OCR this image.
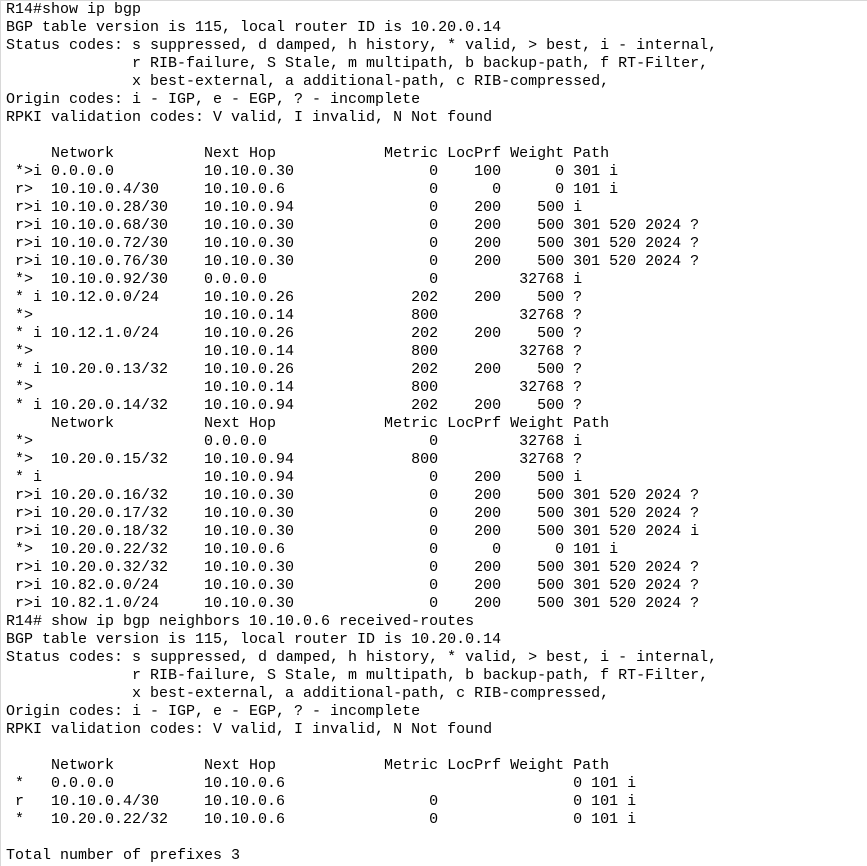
R14#show ip bgp
BGP table version is 115, local router ID is 10.20.0.14
Status codes: s suppressed, d damped, h history, * valid, > best, i - internal,
r RIB-failure, S Stale, m multipath, b backup-path, f RT-Filter,
x best-external, a additional-path, c RIB-compressed,
Origin codes: i - IGP, e - EGP, ? - incomplete
RPKI validation codes: V valid, I invalid, N Not found

Network          Next Hop            Metric LocPrf Weight Path
*>i 0.0.0.0          10.10.0.30               0    100      0 301 i
r>  10.10.0.4/30     10.10.0.6                0      0      0 101 i
r>i 10.10.0.28/30    10.10.0.94               0    200    500 i
r>i 10.10.0.68/30    10.10.0.30               0    200    500 301 520 2024 ?
r>i 10.10.0.72/30    10.10.0.30               0    200    500 301 520 2024 ?
r>i 10.10.0.76/30    10.10.0.30               0    200    500 301 520 2024 ?
*>  10.10.0.92/30    0.0.0.0                  0         32768 i
* i 10.12.0.0/24     10.10.0.26             202    200    500 ?
*>                   10.10.0.14             800         32768 ?
* i 10.12.1.0/24     10.10.0.26             202    200    500 ?
*>                   10.10.0.14             800         32768 ?
* i 10.20.0.13/32    10.10.0.26             202    200    500 ?
*>                   10.10.0.14             800         32768 ?
* i 10.20.0.14/32    10.10.0.94             202    200    500 ?
Network          Next Hop            Metric LocPrf Weight Path
*>                   0.0.0.0                  0         32768 i
*>  10.20.0.15/32    10.10.0.94             800         32768 ?
* i                  10.10.0.94               0    200    500 i
r>i 10.20.0.16/32    10.10.0.30               0    200    500 301 520 2024 ?
r>i 10.20.0.17/32    10.10.0.30               0    200    500 301 520 2024 ?
r>i 10.20.0.18/32    10.10.0.30               0    200    500 301 520 2024 i
*>  10.20.0.22/32    10.10.0.6                0      0      0 101 i
r>i 10.20.0.32/32    10.10.0.30               0    200    500 301 520 2024 ?
r>i 10.82.0.0/24     10.10.0.30               0    200    500 301 520 2024 ?
r>i 10.82.1.0/24     10.10.0.30               0    200    500 301 520 2024 ?
R14# show ip bgp neighbors 10.10.0.6 received-routes
BGP table version is 115, local router ID is 10.20.0.14
Status codes: s suppressed, d damped, h history, * valid, > best, i - internal,
r RIB-failure, S Stale, m multipath, b backup-path, f RT-Filter,
x best-external, a additional-path, c RIB-compressed,
Origin codes: i - IGP, e - EGP, ? - incomplete
RPKI validation codes: V valid, I invalid, N Not found

Network          Next Hop            Metric LocPrf Weight Path
*   0.0.0.0          10.10.0.6                                0 101 i
r   10.10.0.4/30     10.10.0.6                0               0 101 i
*   10.20.0.22/32    10.10.0.6                0               0 101 i

Total number of prefixes 3
